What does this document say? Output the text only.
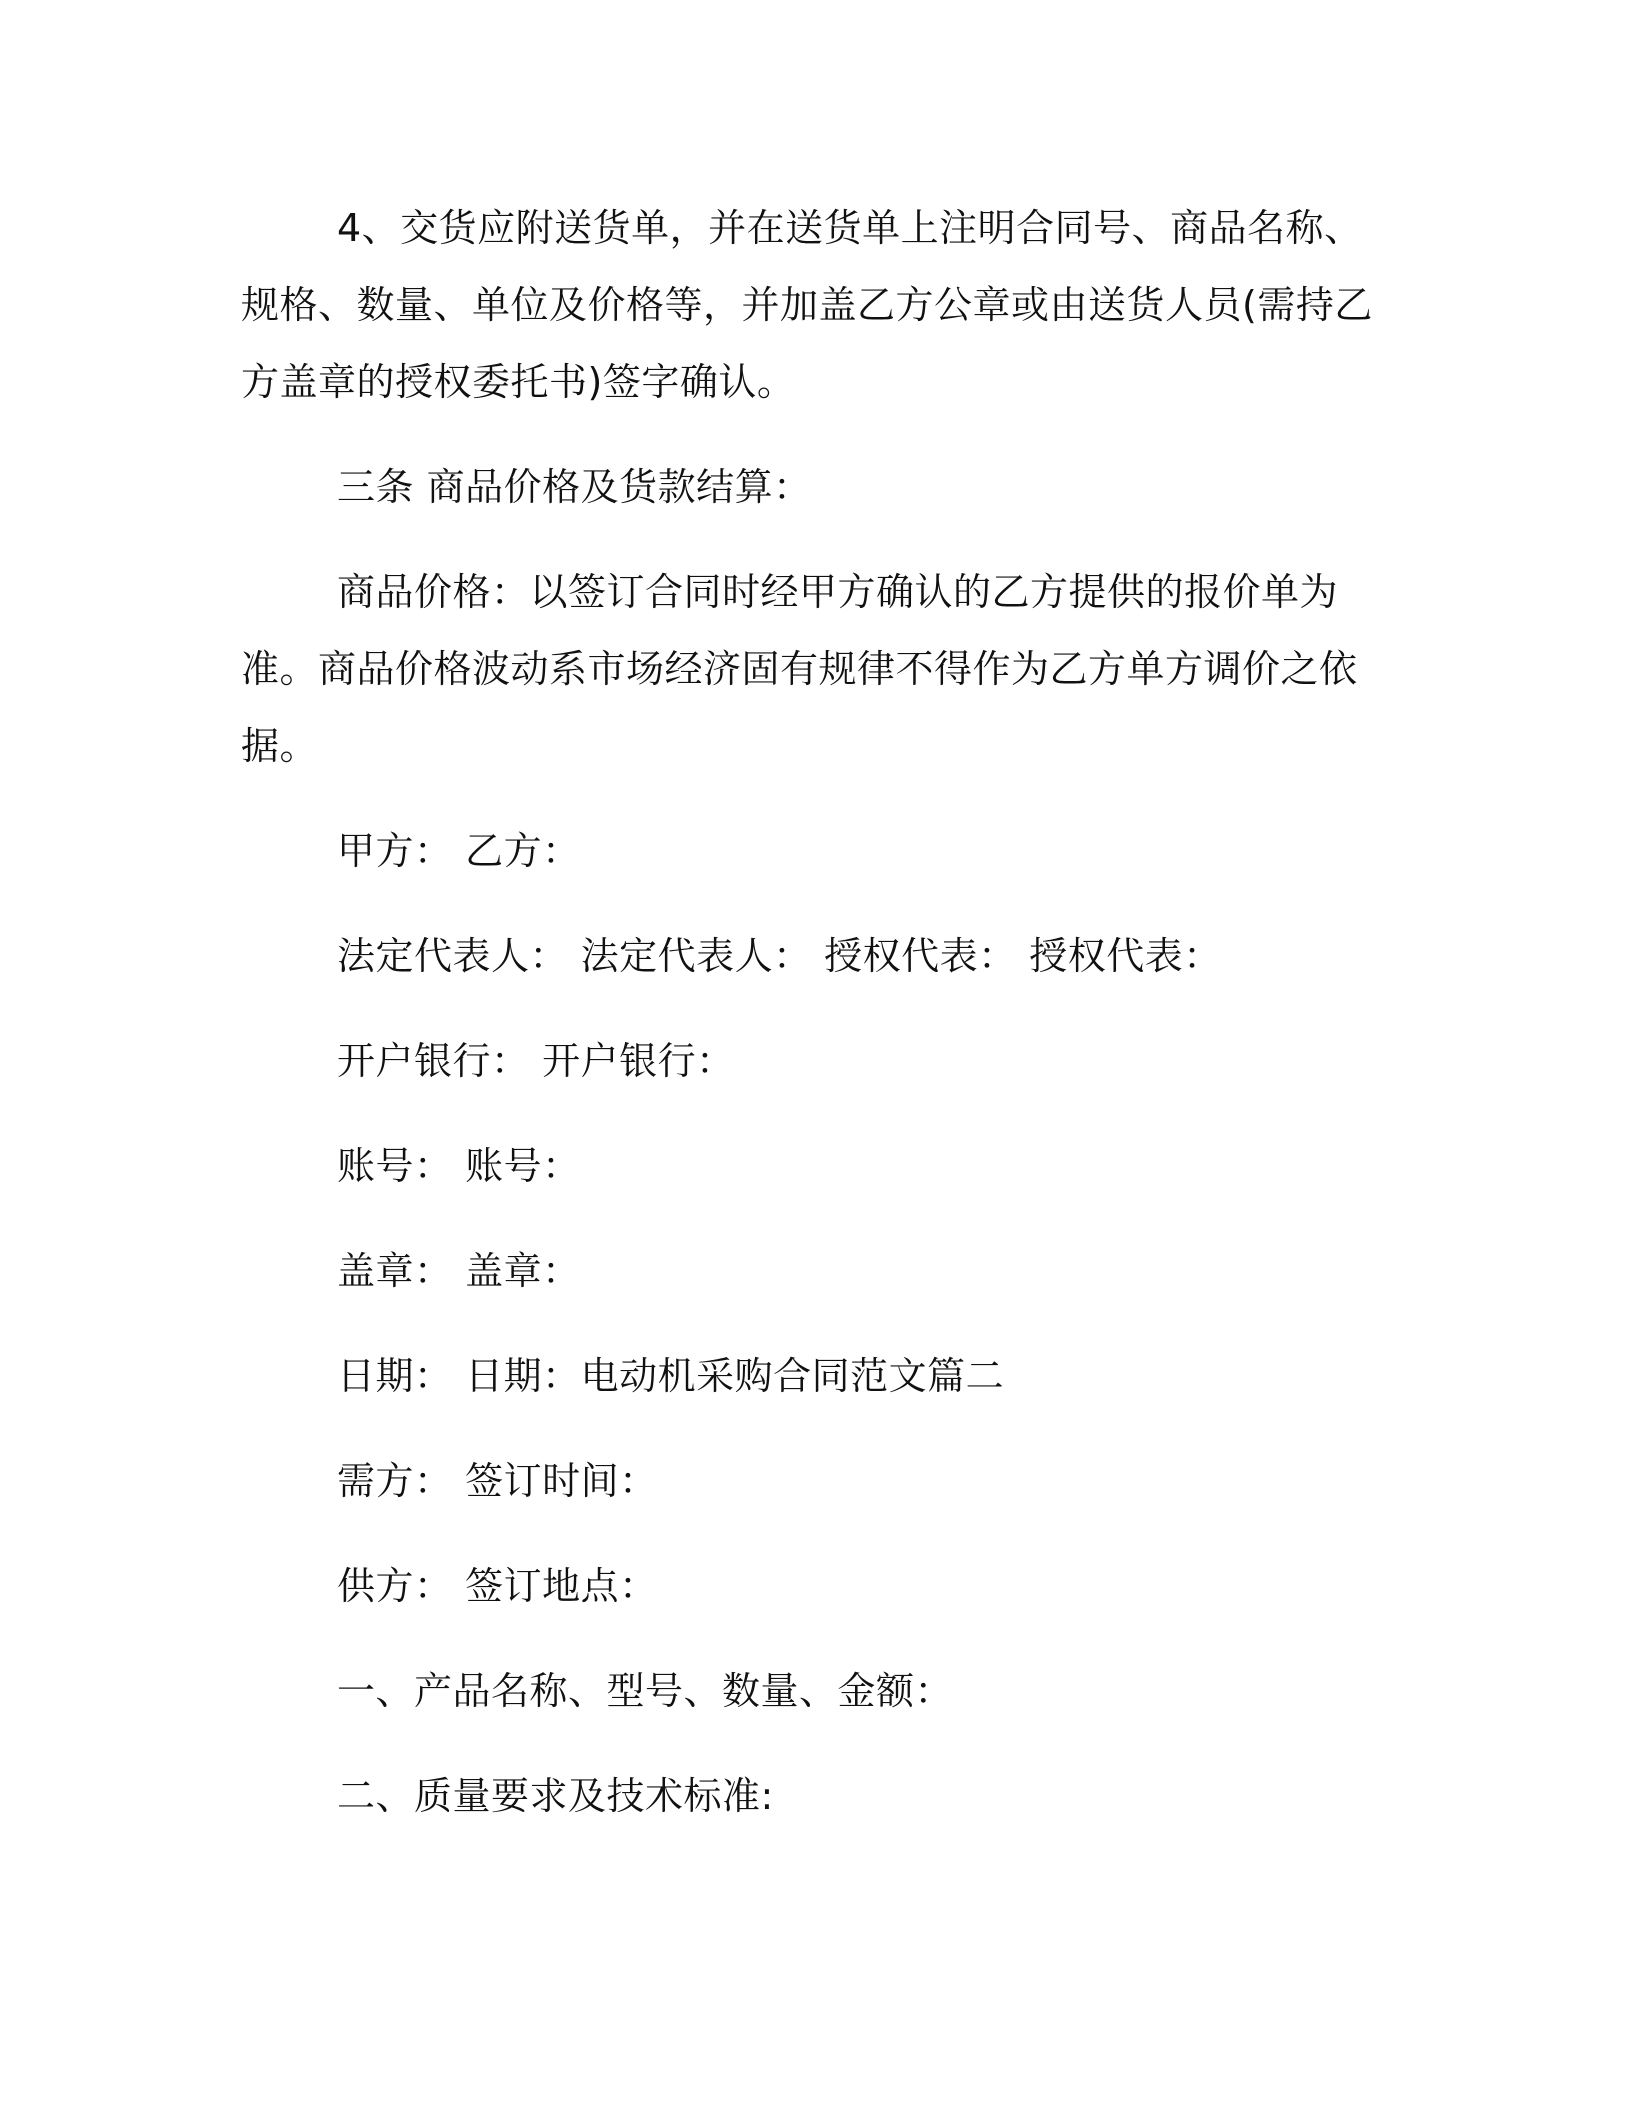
4、交货应附送货单，并在送货单上注明合同号、商品名称、规格、数量、单位及价格等，并加盖乙方公章或由送货人员(需持乙方盖章的授权委托书)签字确认。

三条 商品价格及货款结算：

商品价格：以签订合同时经甲方确认的乙方提供的报价单为准。商品价格波动系市场经济固有规律不得作为乙方单方调价之依据。

甲方： 乙方：

法定代表人： 法定代表人： 授权代表： 授权代表：

开户银行： 开户银行：

账号： 账号：

盖章： 盖章：

日期： 日期：电动机采购合同范文篇二

需方： 签订时间：

供方： 签订地点：

一、产品名称、型号、数量、金额：

二、质量要求及技术标准:
